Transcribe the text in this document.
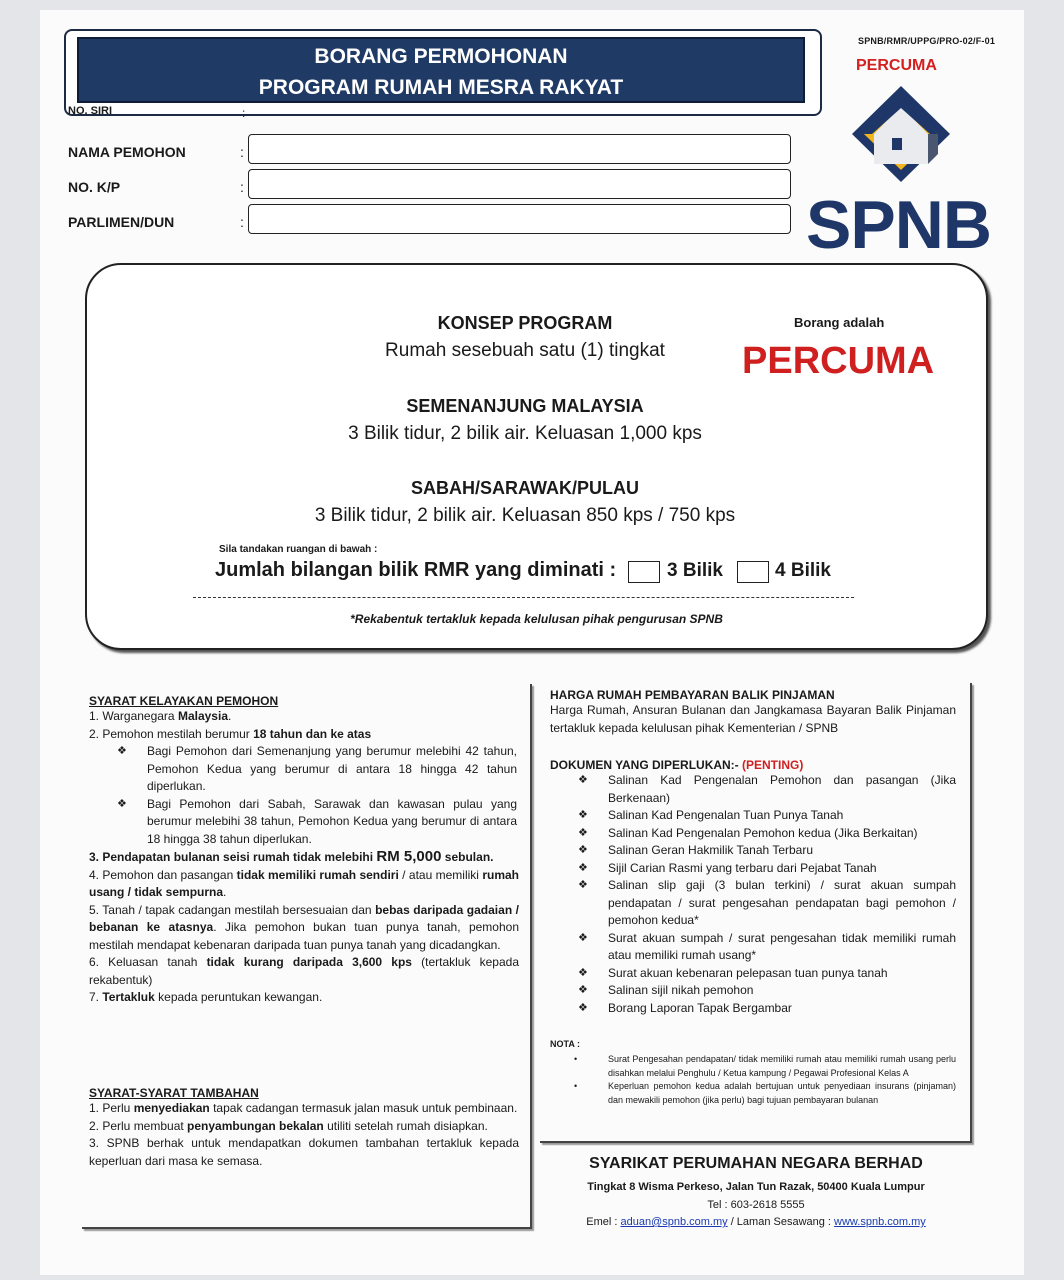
BORANG PERMOHONAN
PROGRAM RUMAH MESRA RAKYAT
NO. SIRI	:
SPNB/RMR/UPPG/PRO-02/F-01
PERCUMA
SPNB
NAMA PEMOHON	:
NO. K/P	:
PARLIMEN/DUN	:
KONSEP PROGRAM
Rumah sesebuah satu (1) tingkat
Borang adalah
PERCUMA
SEMENANJUNG MALAYSIA
3 Bilik tidur, 2 bilik air. Keluasan 1,000 kps
SABAH/SARAWAK/PULAU
3 Bilik tidur, 2 bilik air. Keluasan 850 kps / 750 kps
Sila tandakan ruangan di bawah :
Jumlah bilangan bilik RMR yang diminati :	3 Bilik	4 Bilik
*Rekabentuk tertakluk kepada kelulusan pihak pengurusan SPNB
SYARAT KELAYAKAN PEMOHON
1. Warganegara Malaysia.
2. Pemohon mestilah berumur 18 tahun dan ke atas
❖ Bagi Pemohon dari Semenanjung yang berumur melebihi 42 tahun, Pemohon Kedua yang berumur di antara 18 hingga 42 tahun diperlukan.
❖ Bagi Pemohon dari Sabah, Sarawak dan kawasan pulau yang berumur melebihi 38 tahun, Pemohon Kedua yang berumur di antara 18 hingga 38 tahun diperlukan.
3. Pendapatan bulanan seisi rumah tidak melebihi RM 5,000 sebulan.
4. Pemohon dan pasangan tidak memiliki rumah sendiri / atau memiliki rumah usang / tidak sempurna.
5. Tanah / tapak cadangan mestilah bersesuaian dan bebas daripada gadaian / bebanan ke atasnya. Jika pemohon bukan tuan punya tanah, pemohon mestilah mendapat kebenaran daripada tuan punya tanah yang dicadangkan.
6. Keluasan tanah tidak kurang daripada 3,600 kps (tertakluk kepada rekabentuk)
7. Tertakluk kepada peruntukan kewangan.
SYARAT-SYARAT TAMBAHAN
1. Perlu menyediakan tapak cadangan termasuk jalan masuk untuk pembinaan.
2. Perlu membuat penyambungan bekalan utiliti setelah rumah disiapkan.
3. SPNB berhak untuk mendapatkan dokumen tambahan tertakluk kepada keperluan dari masa ke semasa.
HARGA RUMAH PEMBAYARAN BALIK PINJAMAN
Harga Rumah, Ansuran Bulanan dan Jangkamasa Bayaran Balik Pinjaman tertakluk kepada kelulusan pihak Kementerian / SPNB
DOKUMEN YANG DIPERLUKAN:- (PENTING)
❖ Salinan Kad Pengenalan Pemohon dan pasangan (Jika Berkenaan)
❖ Salinan Kad Pengenalan Tuan Punya Tanah
❖ Salinan Kad Pengenalan Pemohon kedua (Jika Berkaitan)
❖ Salinan Geran Hakmilik Tanah Terbaru
❖ Sijil Carian Rasmi yang terbaru dari Pejabat Tanah
❖ Salinan slip gaji (3 bulan terkini) / surat akuan sumpah pendapatan / surat pengesahan pendapatan bagi pemohon / pemohon kedua*
❖ Surat akuan sumpah / surat pengesahan tidak memiliki rumah atau memiliki rumah usang*
❖ Surat akuan kebenaran pelepasan tuan punya tanah
❖ Salinan sijil nikah pemohon
❖ Borang Laporan Tapak Bergambar
NOTA :
•	Surat Pengesahan pendapatan/ tidak memiliki rumah atau memiliki rumah usang perlu disahkan melalui Penghulu / Ketua kampung / Pegawai Profesional Kelas A
•	Keperluan pemohon kedua adalah bertujuan untuk penyediaan insurans (pinjaman) dan mewakili pemohon (jika perlu) bagi tujuan pembayaran bulanan
SYARIKAT PERUMAHAN NEGARA BERHAD
Tingkat 8 Wisma Perkeso, Jalan Tun Razak, 50400 Kuala Lumpur
Tel : 603-2618 5555
Emel : aduan@spnb.com.my / Laman Sesawang : www.spnb.com.my
